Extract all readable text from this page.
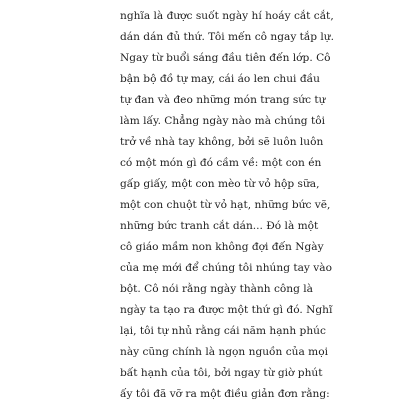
nghĩa là được suốt ngày hí hoáy cắt cắt,
dán dán đủ thứ. Tôi mến cô ngay tắp lự.
Ngay từ buổi sáng đầu tiên đến lớp. Cô
bận bộ đồ tự may, cái áo len chui đầu
tự đan và đeo những món trang sức tự
làm lấy. Chẳng ngày nào mà chúng tôi
trở về nhà tay không, bởi sẽ luôn luôn
có một món gì đó cầm về: một con én
gấp giấy, một con mèo từ vỏ hộp sữa,
một con chuột từ vỏ hạt, những bức vẽ,
những bức tranh cắt dán... Đó là một
cô giáo mầm non không đợi đến Ngày
của mẹ mới để chúng tôi nhúng tay vào
bột. Cô nói rằng ngày thành công là
ngày ta tạo ra được một thứ gì đó. Nghĩ
lại, tôi tự nhủ rằng cái năm hạnh phúc
này cũng chính là ngọn nguồn của mọi
bất hạnh của tôi, bởi ngay từ giờ phút
ấy tôi đã vỡ ra một điều giản đơn rằng:
